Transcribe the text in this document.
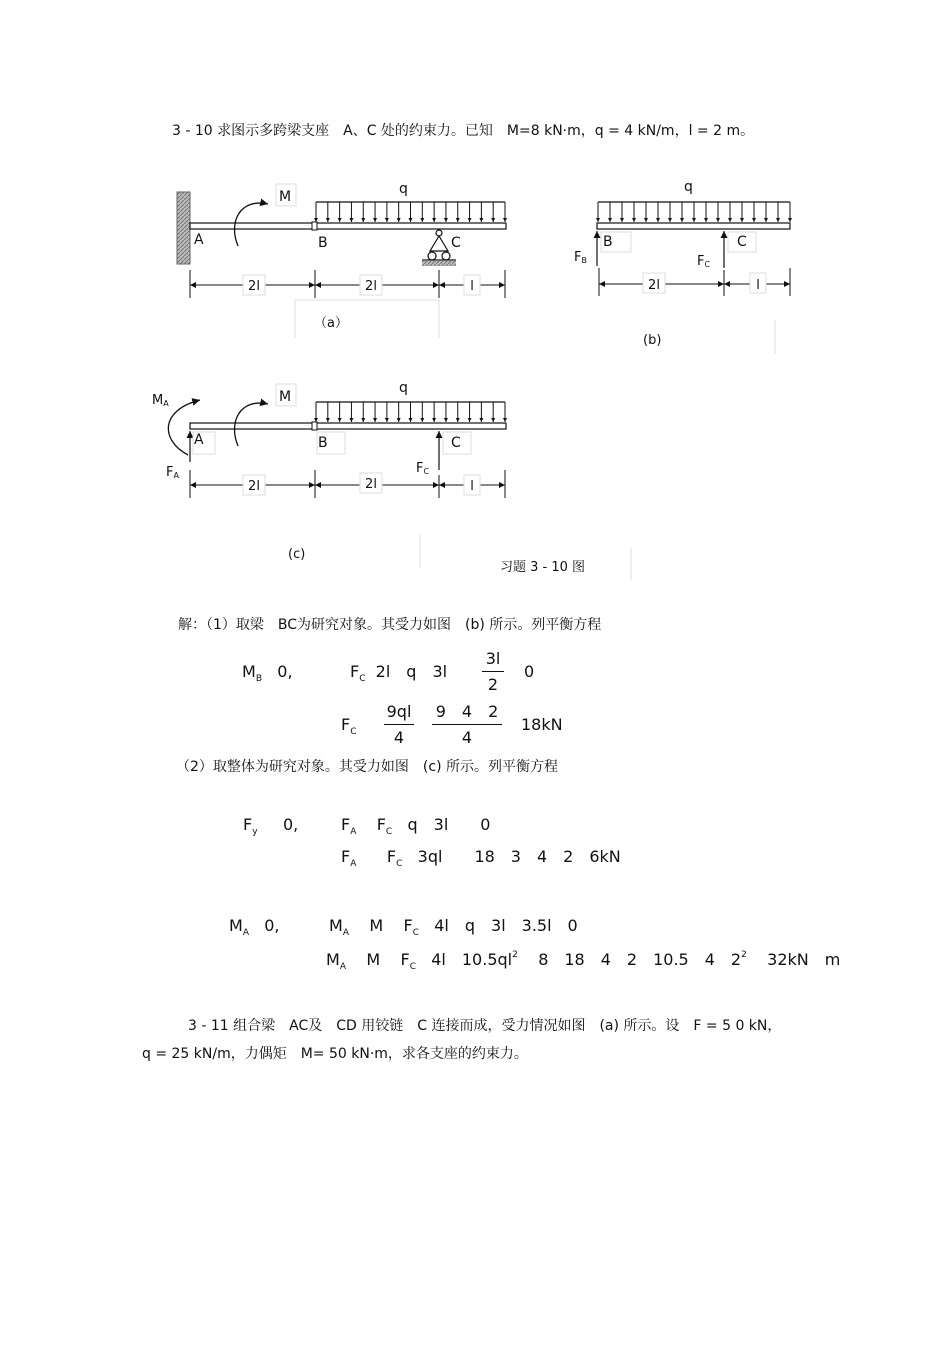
3 - 10 求图示多跨梁支座　A、C 处的约束力。已知　M=8 kN·m，q = 4 kN/m，l = 2 m。
2l	2l	l
A	B	C
M	q
（a）
B	C
q
FB	FC
2l	l
(b)
MA	M
q
A	B	C
FA	FC
2l	2l	l
(c)
习题 3 - 10 图
解：（1）取梁　BC为研究对象。其受力如图　(b) 所示。列平衡方程
$M_B$ 0,	$F_C$ 2l　q　3l
3l
2
0
$F_C$
9ql
4
9　4　2
4
18kN
（2）取整体为研究对象。其受力如图　(c) 所示。列平衡方程
$F_y$ 0,	$F_A$ $F_C$ q　3l　　0
$F_A$ $F_C$ 3ql　　18　3　4　2　6kN
$M_A$ 0,	$M_A$ M $F_C$ 4l　q　3l　3.5l　0
$M_A$ M $F_C$ 4l　$10.5ql^2$ 8　18　4　2　10.5　4　$2^2$ 32kN　m
3 - 11 组合梁　AC及　CD 用铰链　C 连接而成，受力情况如图　(a) 所示。设　F = 5 0 kN，
q = 25 kN/m，力偶矩　M= 50 kN·m，求各支座的约束力。
